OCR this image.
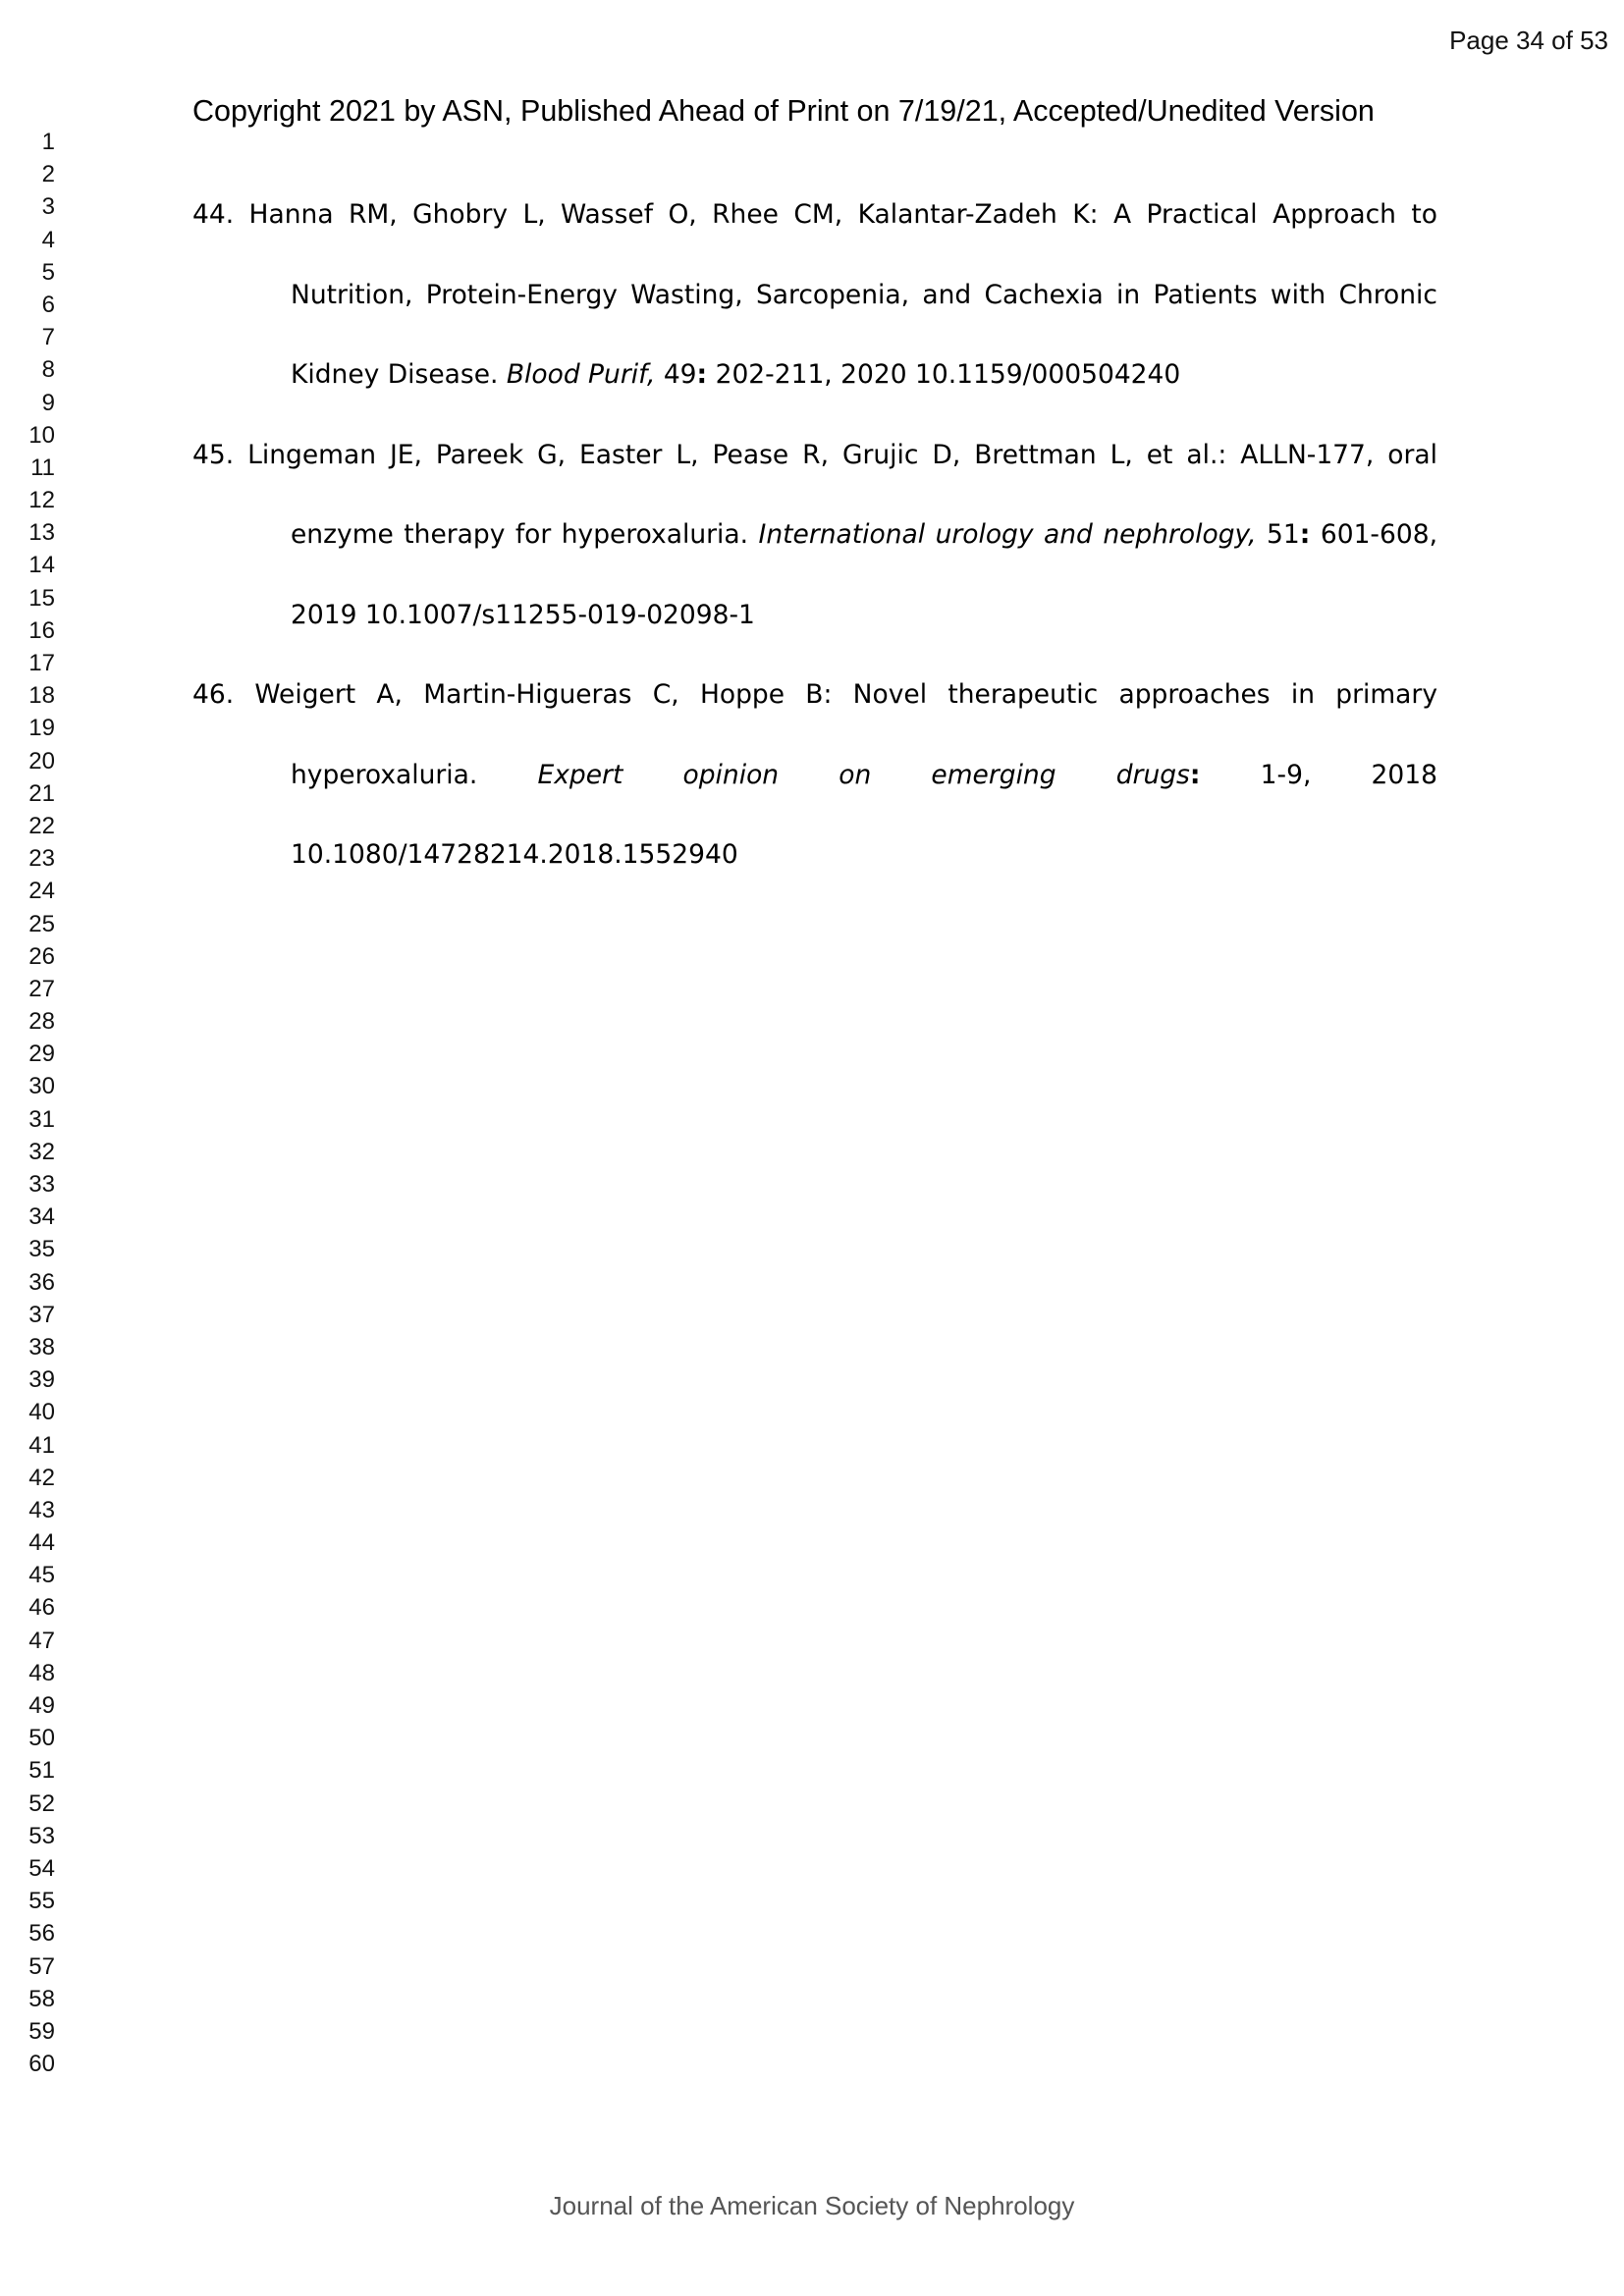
Page 34 of 53
1
2
3
4
5
6
7
8
9
10
11
12
13
14
15
16
17
18
19
20
21
22
23
24
25
26
27
28
29
30
31
32
33
34
35
36
37
38
39
40
41
42
43
44
45
46
47
48
49
50
51
52
53
54
55
56
57
58
59
60
Copyright 2021 by ASN, Published Ahead of Print on 7/19/21, Accepted/Unedited Version
44. Hanna RM, Ghobry L, Wassef O, Rhee CM, Kalantar-Zadeh K: A Practical Approach to
Nutrition, Protein-Energy Wasting, Sarcopenia, and Cachexia in Patients with Chronic
Kidney Disease. Blood Purif, 49: 202-211, 2020 10.1159/000504240
45. Lingeman JE, Pareek G, Easter L, Pease R, Grujic D, Brettman L, et al.: ALLN-177, oral
enzyme therapy for hyperoxaluria. International urology and nephrology, 51: 601-608,
2019 10.1007/s11255-019-02098-1
46. Weigert A, Martin-Higueras C, Hoppe B: Novel therapeutic approaches in primary
hyperoxaluria. Expert opinion on emerging drugs: 1-9, 2018
10.1080/14728214.2018.1552940
Journal of the American Society of Nephrology
